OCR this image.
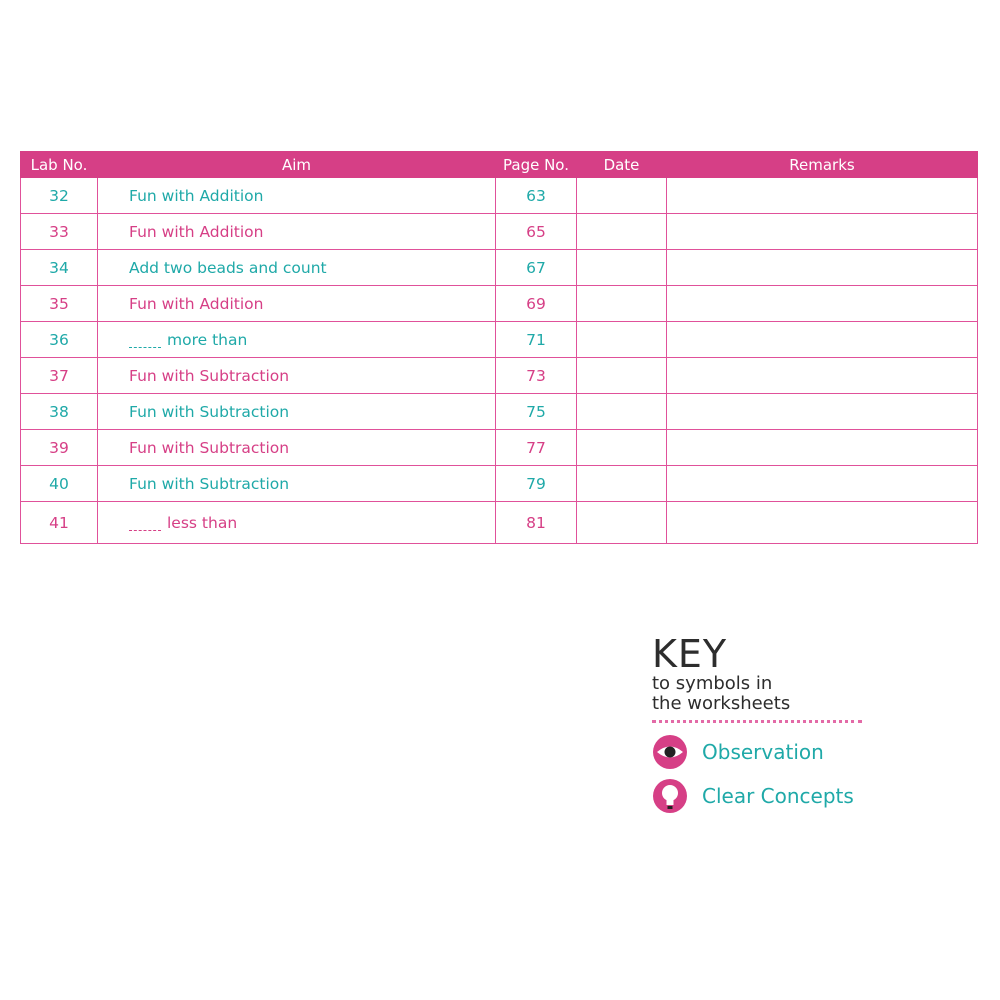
Lab No.	Aim	Page No.	Date	Remarks
32	Fun with Addition	63		
33	Fun with Addition	65		
34	Add two beads and count	67		
35	Fun with Addition	69		
36	more than	71		
37	Fun with Subtraction	73		
38	Fun with Subtraction	75		
39	Fun with Subtraction	77		
40	Fun with Subtraction	79		
41	less than	81		
KEY
to symbols in
the worksheets
Observation
Clear Concepts
